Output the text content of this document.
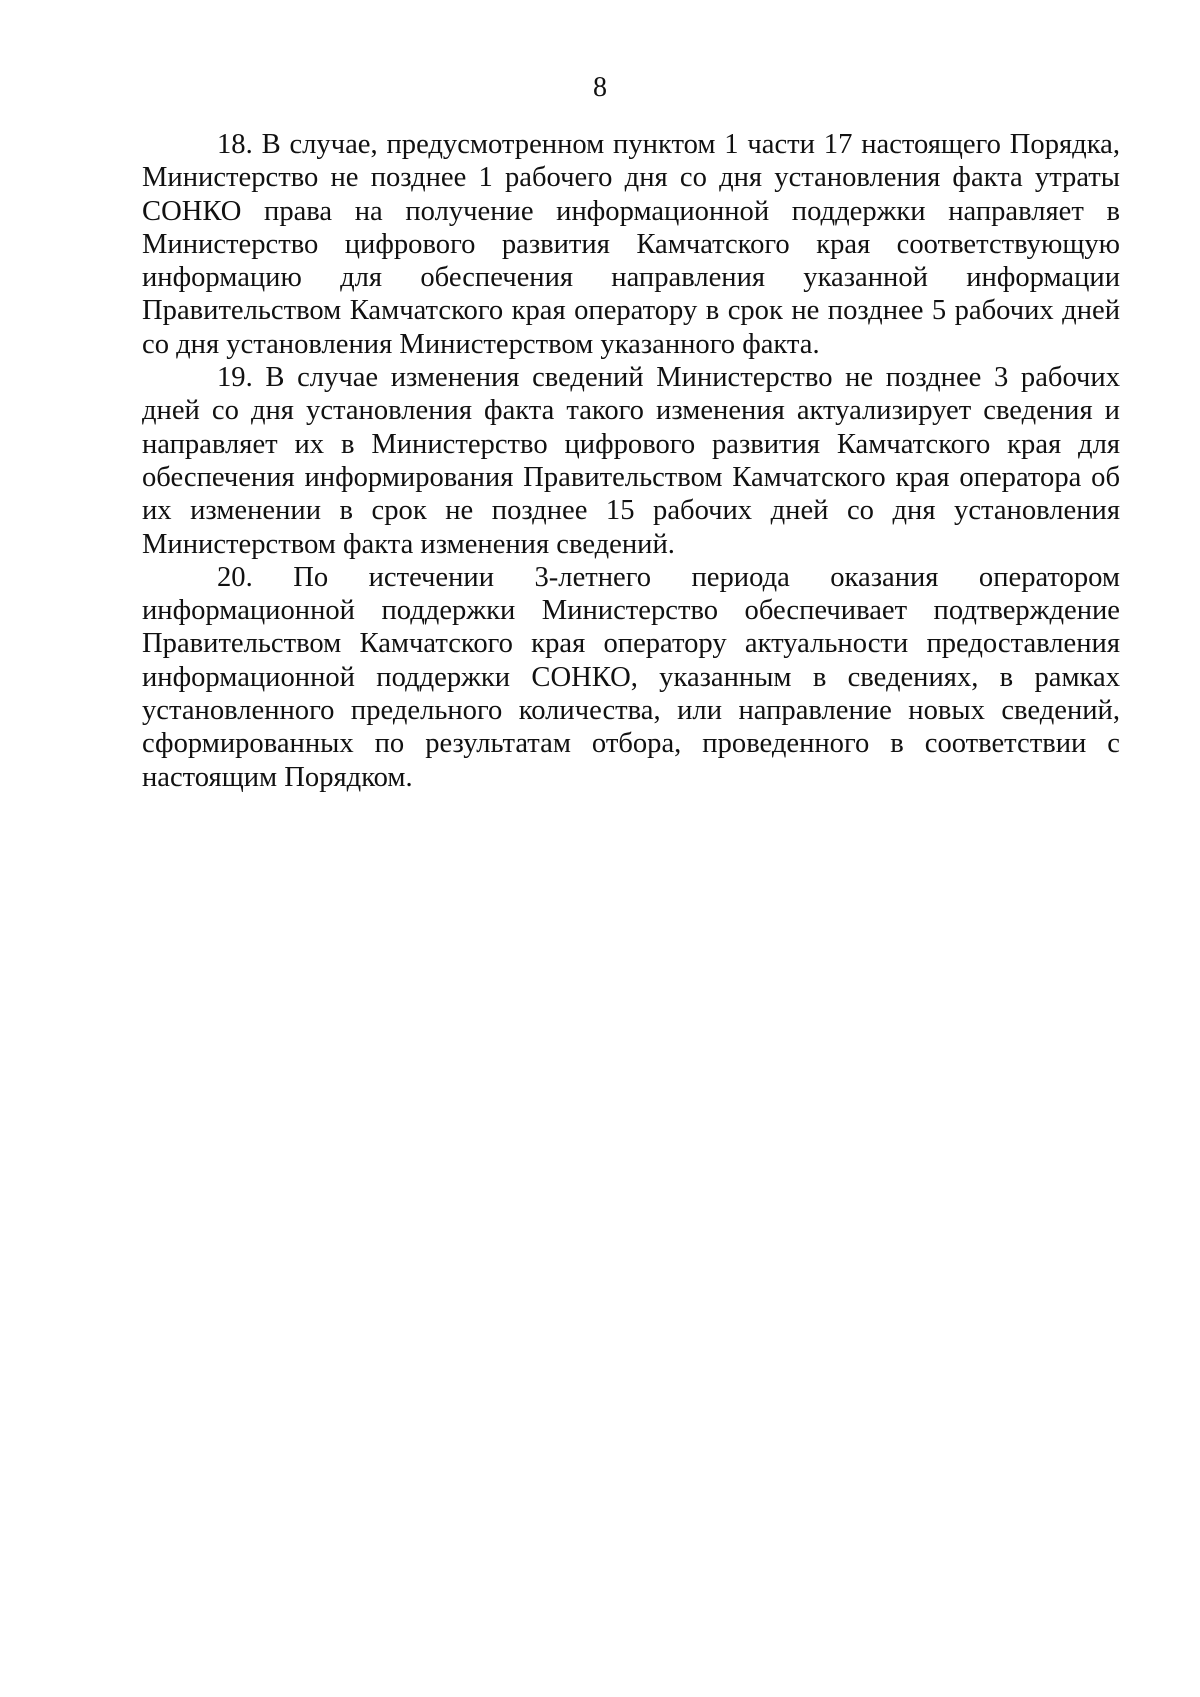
8

18. В случае, предусмотренном пунктом 1 части 17 настоящего Порядка, Министерство не позднее 1 рабочего дня со дня установления факта утраты СОНКО права на получение информационной поддержки направляет в Министерство цифрового развития Камчатского края соответствующую информацию для обеспечения направления указанной информации Правительством Камчатского края оператору в срок не позднее 5 рабочих дней со дня установления Министерством указанного факта.

19. В случае изменения сведений Министерство не позднее 3 рабочих дней со дня установления факта такого изменения актуализирует сведения и направляет их в Министерство цифрового развития Камчатского края для обеспечения информирования Правительством Камчатского края оператора об их изменении в срок не позднее 15 рабочих дней со дня установления Министерством факта изменения сведений.

20. По истечении 3-летнего периода оказания оператором информационной поддержки Министерство обеспечивает подтверждение Правительством Камчатского края оператору актуальности предоставления информационной поддержки СОНКО, указанным в сведениях, в рамках установленного предельного количества, или направление новых сведений, сформированных по результатам отбора, проведенного в соответствии с настоящим Порядком.
